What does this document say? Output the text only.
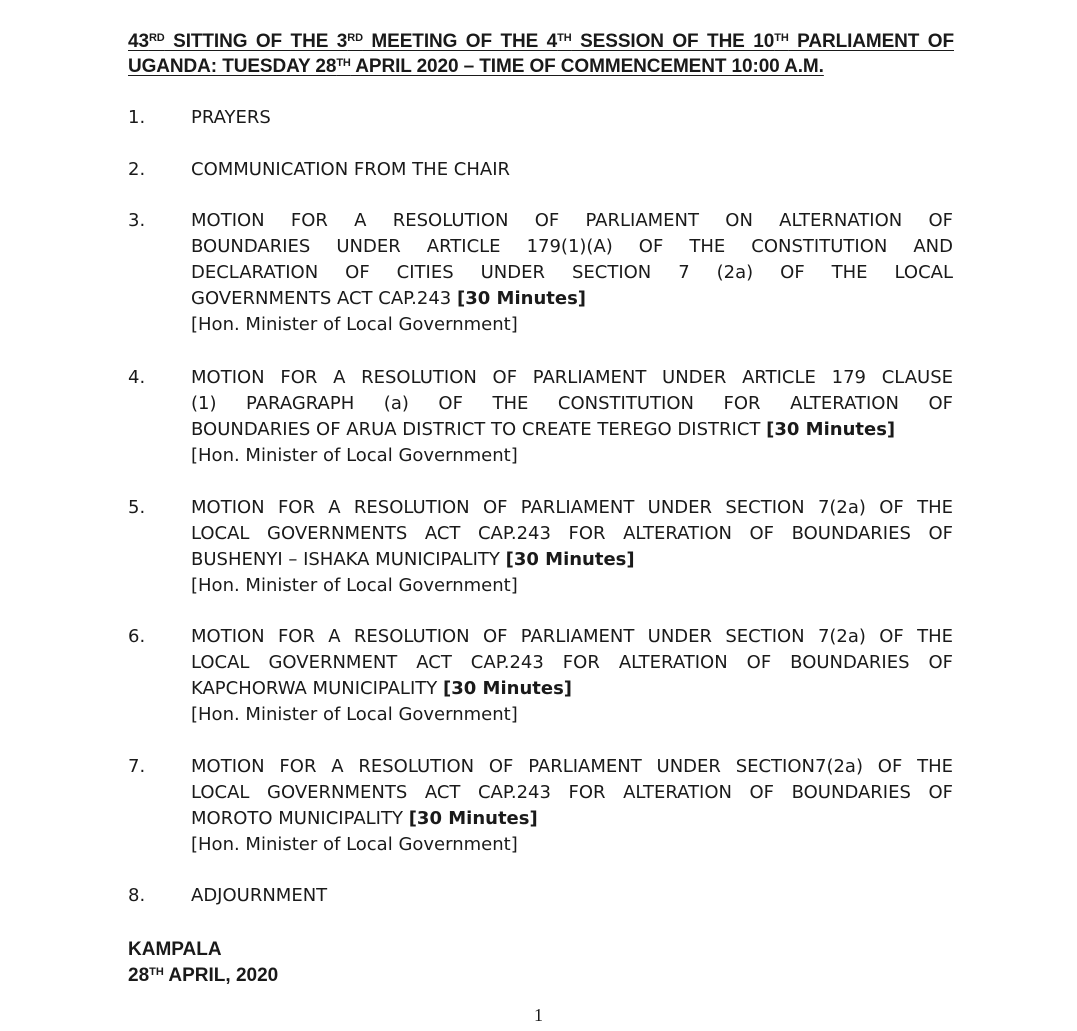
43RD SITTING OF THE 3RD MEETING OF THE 4TH SESSION OF THE 10TH PARLIAMENT OF
UGANDA: TUESDAY 28TH APRIL 2020 – TIME OF COMMENCEMENT 10:00 A.M.
1.	PRAYERS
2.	COMMUNICATION FROM THE CHAIR
3.	MOTION FOR A RESOLUTION OF PARLIAMENT ON ALTERNATION OF
BOUNDARIES UNDER ARTICLE 179(1)(A) OF THE CONSTITUTION AND
DECLARATION OF CITIES UNDER SECTION 7 (2a) OF THE LOCAL
GOVERNMENTS ACT CAP.243 [30 Minutes]
[Hon. Minister of Local Government]
4.	MOTION FOR A RESOLUTION OF PARLIAMENT UNDER ARTICLE 179 CLAUSE
(1) PARAGRAPH (a) OF THE CONSTITUTION FOR ALTERATION OF
BOUNDARIES OF ARUA DISTRICT TO CREATE TEREGO DISTRICT [30 Minutes]
[Hon. Minister of Local Government]
5.	MOTION FOR A RESOLUTION OF PARLIAMENT UNDER SECTION 7(2a) OF THE
LOCAL GOVERNMENTS ACT CAP.243 FOR ALTERATION OF BOUNDARIES OF
BUSHENYI – ISHAKA MUNICIPALITY [30 Minutes]
[Hon. Minister of Local Government]
6.	MOTION FOR A RESOLUTION OF PARLIAMENT UNDER SECTION 7(2a) OF THE
LOCAL GOVERNMENT ACT CAP.243 FOR ALTERATION OF BOUNDARIES OF
KAPCHORWA MUNICIPALITY [30 Minutes]
[Hon. Minister of Local Government]
7.	MOTION FOR A RESOLUTION OF PARLIAMENT UNDER SECTION7(2a) OF THE
LOCAL GOVERNMENTS ACT CAP.243 FOR ALTERATION OF BOUNDARIES OF
MOROTO MUNICIPALITY [30 Minutes]
[Hon. Minister of Local Government]
8.	ADJOURNMENT
KAMPALA
28TH APRIL, 2020
1
